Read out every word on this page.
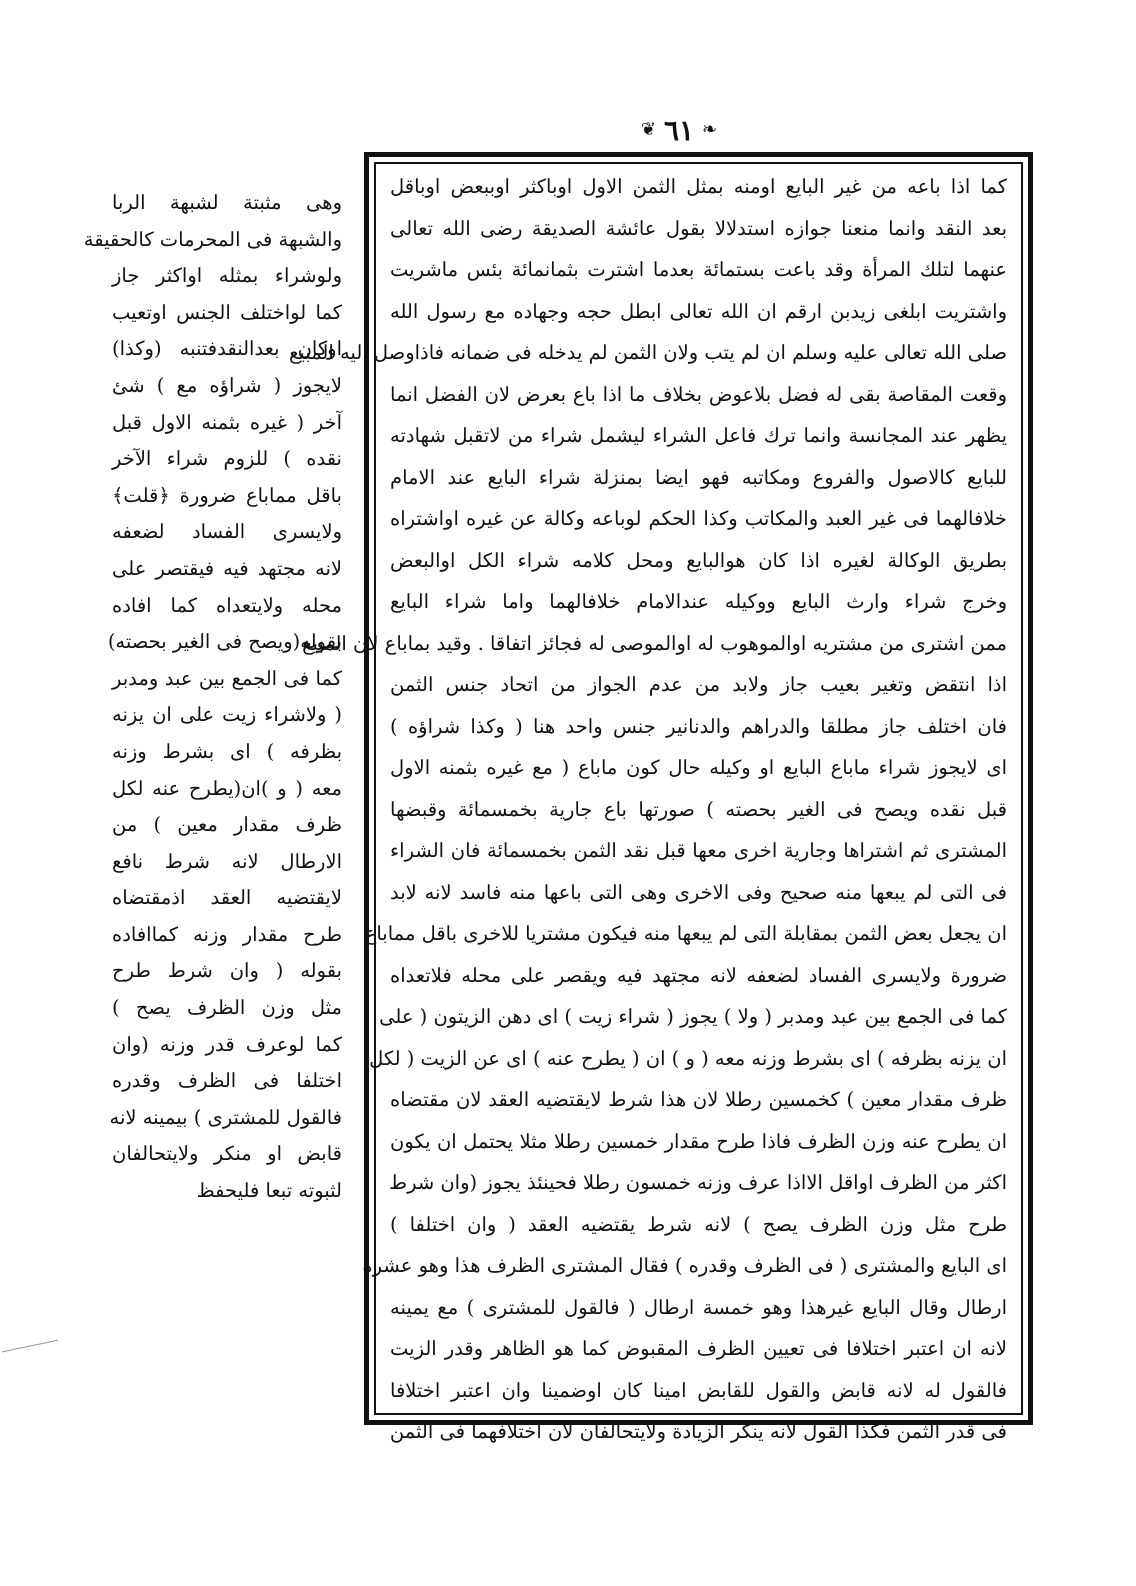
❧
٦١
❦
كما اذا باعه من غير البايع اومنه بمثل الثمن الاول اوباكثر اوببعض اوباقل
بعد النقد وانما منعنا جوازه استدلالا بقول عائشة الصديقة رضى الله تعالى
عنهما لتلك المرأة وقد باعت بستمائة بعدما اشترت بثمانمائة بئس ماشريت
واشتريت ابلغى زيدبن ارقم ان الله تعالى ابطل حجه وجهاده مع رسول الله
صلى الله تعالى عليه وسلم ان لم يتب ولان الثمن لم يدخله فى ضمانه فاذاوصل اليه المبيع
وقعت المقاصة بقى له فضل بلاعوض بخلاف ما اذا باع بعرض لان الفضل انما
يظهر عند المجانسة وانما ترك فاعل الشراء ليشمل شراء من لاتقبل شهادته
للبايع كالاصول والفروع ومكاتبه فهو ايضا بمنزلة شراء البايع عند الامام
خلافالهما فى غير العبد والمكاتب وكذا الحكم لوباعه وكالة عن غيره اواشتراه
بطريق الوكالة لغيره اذا كان هوالبايع ومحل كلامه شراء الكل اوالبعض
وخرج شراء وارث البايع ووكيله عندالامام خلافالهما واما شراء البايع
ممن اشترى من مشتريه اوالموهوب له اوالموصى له فجائز اتفاقا . وقيد بماباع لان المبيع
اذا انتقض وتغير بعيب جاز ولابد من عدم الجواز من اتحاد جنس الثمن
فان اختلف جاز مطلقا والدراهم والدنانير جنس واحد هنا ( وكذا شراؤه )
اى لايجوز شراء ماباع البايع او وكيله حال كون ماباع ( مع غيره بثمنه الاول
قبل نقده ويصح فى الغير بحصته ) صورتها باع جارية بخمسمائة وقبضها
المشترى ثم اشتراها وجارية اخرى معها قبل نقد الثمن بخمسمائة فان الشراء
فى التى لم يبعها منه صحيح وفى الاخرى وهى التى باعها منه فاسد لانه لابد
ان يجعل بعض الثمن بمقابلة التى لم يبعها منه فيكون مشتريا للاخرى باقل مماباع
ضرورة ولايسرى الفساد لضعفه لانه مجتهد فيه ويقصر على محله فلاتعداه
كما فى الجمع بين عبد ومدبر ( ولا ) يجوز ( شراء زيت ) اى دهن الزيتون ( على
ان يزنه بظرفه ) اى بشرط وزنه معه ( و ) ان ( يطرح عنه ) اى عن الزيت ( لكل
ظرف مقدار معين ) كخمسين رطلا لان هذا شرط لايقتضيه العقد لان مقتضاه
ان يطرح عنه وزن الظرف فاذا طرح مقدار خمسين رطلا مثلا يحتمل ان يكون
اكثر من الظرف اواقل الااذا عرف وزنه خمسون رطلا فحينئذ يجوز (وان شرط
طرح مثل وزن الظرف يصح ) لانه شرط يقتضيه العقد ( وان اختلفا )
اى البايع والمشترى ( فى الظرف وقدره ) فقال المشترى الظرف هذا وهو عشرة
ارطال وقال البايع غيرهذا وهو خمسة ارطال ( فالقول للمشترى ) مع يمينه
لانه ان اعتبر اختلافا فى تعيين الظرف المقبوض كما هو الظاهر وقدر الزيت
فالقول له لانه قابض والقول للقابض امينا كان اوضمينا وان اعتبر اختلافا
فى قدر الثمن فكذا القول لانه ينكر الزيادة ولايتحالفان لان اختلافهما فى الثمن
وهى مثبتة لشبهة الربا
والشبهة فى المحرمات كالحقيقة
ولوشراء بمثله اواكثر جاز
كما لواختلف الجنس اوتعيب
اوكان بعدالنقدفتنبه (وكذا)
لايجوز ( شراؤه مع ) شئ
آخر ( غيره بثمنه الاول قبل
نقده ) للزوم شراء الآخر
باقل مماباع ضرورة ﴿قلت﴾
ولايسرى الفساد لضعفه
لانه مجتهد فيه فيقتصر على
محله ولايتعداه كما افاده
بقوله(ويصح فى الغير بحصته)
كما فى الجمع بين عبد ومدبر
( ولاشراء زيت على ان يزنه
بظرفه ) اى بشرط وزنه
معه ( و )ان(يطرح عنه لكل
ظرف مقدار معين ) من
الارطال لانه شرط نافع
لايقتضيه العقد اذمقتضاه
طرح مقدار وزنه كماافاده
بقوله ( وان شرط طرح
مثل وزن الظرف يصح )
كما لوعرف قدر وزنه (وان
اختلفا فى الظرف وقدره
فالقول للمشترى ) بيمينه لانه
قابض او منكر ولايتحالفان
لثبوته تبعا فليحفظ
